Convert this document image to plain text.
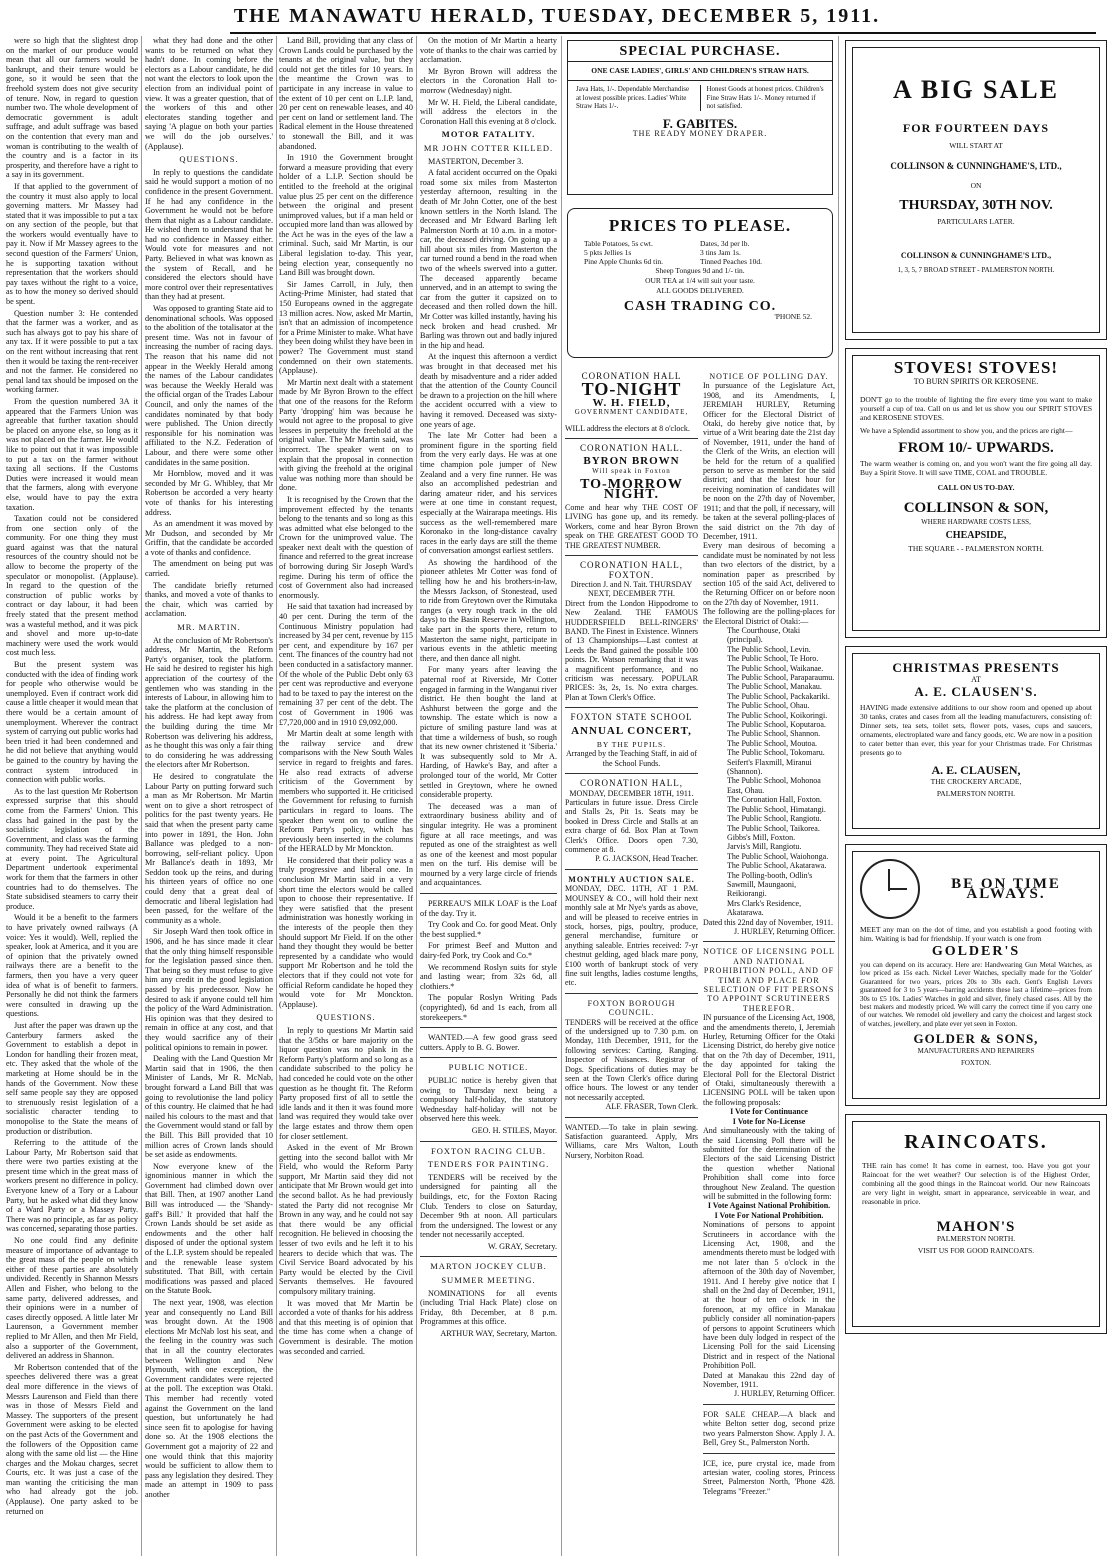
THE MANAWATU HERALD, TUESDAY, DECEMBER 5, 1911.

were so high that the slightest drop on the market of our produce would mean that all our farmers would be bankrupt, and their tenure would be gone, so it would be seen that the freehold system does not give security of tenure. Now, in regard to question number two. The whole development of democratic government is adult suffrage, and adult suffrage was based on the contention that every man and woman is contributing to the wealth of the country and is a factor in its prosperity, and therefore have a right to a say in its government.

If that applied to the government of the country it must also apply to local governing matters. Mr Massey had stated that it was impossible to put a tax on any section of the people, but that the workers would eventually have to pay it. Now if Mr Massey agrees to the second question of the Farmers' Union, he is supporting taxation without representation that the workers should pay taxes without the right to a voice, as to how the money so derived should be spent.

Question number 3: He contended that the farmer was a worker, and as such has always got to pay his share of any tax. If it were possible to put a tax on the rent without increasing that rent then it would be taxing the rent-receiver and not the farmer. He considered no penal land tax should be imposed on the working farmer.

From the question numbered 3A it appeared that the Farmers Union was agreeable that further taxation should be placed on anyone else, so long as it was not placed on the farmer. He would like to point out that it was impossible to put a tax on the farmer without taxing all sections. If the Customs Duties were increased it would mean that the farmers, along with everyone else, would have to pay the extra taxation.

Taxation could not be considered from one section only of the community. For one thing they must guard against was that the natural resources of the country should not be allow to become the property of the speculator or monopolist. (Applause). In regard to the question of the construction of public works by contract or day labour, it had been freely stated that the present method was a wasteful method, and it was pick and shovel and more up-to-date machinery were used the work would cost much less.

But the present system was conducted with the idea of finding work for people who otherwise would be unemployed. Even if contract work did cause a little cheaper it would mean that there would be a certain amount of unemployment. Wherever the contract system of carrying out public works had been tried it had been condemned and he did not believe that anything would be gained to the country by having the contract system introduced in connection with public works.

As to the last question Mr Robertson expressed surprise that this should come from the Farmers' Union. This class had gained in the past by the socialistic legislation of the Government, and class was the farming community. They had received State aid at every point. The Agricultural Department undertook experimental work for them that the farmers in other countries had to do themselves. The State subsidised steamers to carry their produce.

Would it be a benefit to the farmers to have privately owned railways (A voice: Yes it would). Well, replied the speaker, look at America, and it you are of opinion that the privately owned railways there are a benefit to the farmers, then you have a very queer idea of what is of benefit to farmers. Personally he did not think the farmers were consulted in drawing up the questions.

Just after the paper was drawn up the Canterbury farmers asked the Government to establish a depot in London for handling their frozen meat, etc. They asked that the whole of the marketing at Home should be in the hands of the Government. Now these self same people say they are opposed to strenuously resist legislation of a socialistic character tending to monopolise to the State the means of production or distribution.

Referring to the attitude of the Labour Party, Mr Robertson said that there were two parties existing at the present time which in the great mass of workers present no difference in policy. Everyone knew of a Tory or a Labour Party, but he asked what did they know of a Ward Party or a Massey Party. There was no principle, as far as policy was concerned, separating those parties.

No one could find any definite measure of importance of advantage to the great mass of the people on which either of these parties are absolutely undivided. Recently in Shannon Messrs Allen and Fisher, who belong to the same party, delivered addresses, and their opinions were in a number of cases directly opposed. A little later Mr Laurenson, a Government member replied to Mr Allen, and then Mr Field, also a supporter of the Government, delivered an address in Shannon.

Mr Robertson contended that of the speeches delivered there was a great deal more difference in the views of Messrs Laurenson and Field than there was in those of Messrs Field and Massey. The supporters of the present Government were asking to be elected on the past Acts of the Government and the followers of the Opposition came along with the same old list — the Hine charges and the Mokau charges, secret Courts, etc. It was just a case of the man wanting the criticising the man who had already got the job. (Applause). One party asked to be returned on

what they had done and the other wants to be returned on what they hadn't done. In coming before the electors as a Labour candidate, he did not want the electors to look upon the election from an individual point of view. It was a greater question, that of the workers of this and other electorates standing together and saying 'A plague on both your parties we will do the job ourselves.' (Applause).

QUESTIONS.

In reply to questions the candidate said he would support a motion of no confidence in the present Government. If he had any confidence in the Government he would not be before them that night as a Labour candidate. He wished them to understand that he had no confidence in Massey either. Would vote for measures and not Party. Believed in what was known as the system of Recall, and he considered the electors should have more control over their representatives than they had at present.

Was opposed to granting State aid to denominational schools. Was opposed to the abolition of the totalisator at the present time. Was not in favour of increasing the number of racing days. The reason that his name did not appear in the Weekly Herald among the names of the Labour candidates was because the Weekly Herald was the official organ of the Trades Labour Council, and only the names of the candidates nominated by that body were published. The Union directly responsible for his nomination was affiliated to the N.Z. Federation of Labour, and there were some other candidates in the same position.

Mr Hornblow, moved and it was seconded by Mr G. Whibley, that Mr Robertson be accorded a very hearty vote of thanks for his interesting address.

As an amendment it was moved by Mr Dudson, and seconded by Mr Griffin, that the candidate be accorded a vote of thanks and confidence.

The amendment on being put was carried.

The candidate briefly returned thanks, and moved a vote of thanks to the chair, which was carried by acclamation.

MR. MARTIN.

At the conclusion of Mr Robertson's address, Mr Martin, the Reform Party's organiser, took the platform. He said he desired to register his high appreciation of the courtesy of the gentlemen who was standing in the interests of Labour, in allowing him to take the platform at the conclusion of his address. He had kept away from the building during the time Mr Robertson was delivering his address, as he thought this was only a fair thing to do considering he was addressing the electors after Mr Robertson.

He desired to congratulate the Labour Party on putting forward such a man as Mr Robertson. Mr Martin went on to give a short retrospect of politics for the past twenty years. He said that when the present party came into power in 1891, the Hon. John Ballance was pledged to a non-borrowing, self-reliant policy. Upon Mr Ballance's death in 1893, Mr Seddon took up the reins, and during his thirteen years of office no one could deny that a great deal of democratic and liberal legislation had been passed, for the welfare of the community as a whole.

Sir Joseph Ward then took office in 1906, and he has since made it clear that the only thing himself responsible for the legislation passed since then. That being so they must refuse to give him any credit in the good legislation passed by his predecessor. Now he desired to ask if anyone could tell him the policy of the Ward Administration. His opinion was that they desired to remain in office at any cost, and that they would sacrifice any of their political opinions to remain in power.

Dealing with the Land Question Mr Martin said that in 1906, the then Minister of Lands, Mr R. McNab, brought forward a Land Bill that was going to revolutionise the land policy of this country. He claimed that he had nailed his colours to the mast and that the Government would stand or fall by the Bill. This Bill provided that 10 million acres of Crown lands should be set aside as endowments.

Now everyone knew of the ignominious manner in which the Government had climbed down over that Bill. Then, at 1907 another Land Bill was introduced — the 'Shandy-gaff's Bill.' It provided that half the Crown Lands should be set aside as endowments and the other half disposed of under the optional system of the L.I.P. system should be repealed and the renewable lease system substituted. That Bill, with certain modifications was passed and placed on the Statute Book.

The next year, 1908, was election year and consequently no Land Bill was brought down. At the 1908 elections Mr McNab lost his seat, and the feeling in the country was such that in all the country electorates between Wellington and New Plymouth, with one exception, the Government candidates were rejected at the poll. The exception was Otaki. This member had recently voted against the Government on the land question, but unfortunately he had since seen fit to apologise for having done so. At the 1908 elections the Government got a majority of 22 and one would think that this majority would be sufficient to allow them to pass any legislation they desired. They made an attempt in 1909 to pass another

Land Bill, providing that any class of Crown Lands could be purchased by the tenants at the original value, but they could not get the titles for 10 years. In the meantime the Crown was to participate in any increase in value to the extent of 10 per cent on L.I.P. land, 20 per cent on renewable leases, and 40 per cent on land or settlement land. The Radical element in the House threatened to stonewall the Bill, and it was abandoned.

In 1910 the Government brought forward a measure providing that every holder of a L.I.P. Section should be entitled to the freehold at the original value plus 25 per cent on the difference between the original and present unimproved values, but if a man held or occupied more land than was allowed by the Act he was in the eyes of the law a criminal. Such, said Mr Martin, is our Liberal legislation to-day. This year, being election year, consequently no Land Bill was brought down.

Sir James Carroll, in July, then Acting-Prime Minister, had stated that 150 Europeans owned in the aggregate 13 million acres. Now, asked Mr Martin, isn't that an admission of incompetence for a Prime Minister to make. What have they been doing whilst they have been in power? The Government must stand condemned on their own statements. (Applause).

Mr Martin next dealt with a statement made by Mr Byron Brown to the effect that one of the reasons for the Reform Party 'dropping' him was because he would not agree to the proposal to give lessees in perpetuity the freehold at the original value. The Mr Martin said, was incorrect. The speaker went on to explain that the proposal in connection with giving the freehold at the original value was nothing more than should be done.

It is recognised by the Crown that the improvement effected by the tenants belong to the tenants and so long as this was admitted what else belonged to the Crown for the unimproved value. The speaker next dealt with the question of finance and referred to the great increase of borrowing during Sir Joseph Ward's regime. During his term of office the cost of Government also had increased enormously.

He said that taxation had increased by 40 per cent. During the term of the Continuous Ministry population had increased by 34 per cent, revenue by 115 per cent, and expenditure by 167 per cent. The finances of the country had not been conducted in a satisfactory manner. Of the whole of the Public Debt only 63 per cent was reproductive and everyone had to be taxed to pay the interest on the remaining 37 per cent of the debt. The cost of Government in 1906 was £7,720,000 and in 1910 £9,092,000.

Mr Martin dealt at some length with the railway service and drew comparisons with the New South Wales service in regard to freights and fares. He also read extracts of adverse criticism of the Government by members who supported it. He criticised the Government for refusing to furnish particulars in regard to loans. The speaker then went on to outline the Reform Party's policy, which has previously been inserted in the columns of the HERALD by Mr Monckton.

He considered that their policy was a truly progressive and liberal one. In conclusion Mr Martin said in a very short time the electors would be called upon to choose their representative. If they were satisfied that the present administration was honestly working in the interests of the people then they should support Mr Field. If on the other hand they thought they would be better represented by a candidate who would support Mr Robertson and he told the electors that if they could not vote for official Reform candidate he hoped they would vote for Mr Monckton. (Applause).

QUESTIONS.

In reply to questions Mr Martin said that the 3/5ths or bare majority on the liquor question was no plank in the Reform Party's platform and so long as a candidate subscribed to the policy he had conceded he could vote on the other question as he thought fit. The Reform Party proposed first of all to settle the idle lands and it then it was found more land was required they would take over the large estates and throw them open for closer settlement.

Asked in the event of Mr Brown getting into the second ballot with Mr Field, who would the Reform Party support, Mr Martin said they did not anticipate that Mr Brown would get into the second ballot. As he had previously stated the Party did not recognise Mr Brown in any way, and he could not say that there would be any official recognition. He believed in choosing the lesser of two evils and he left it to his hearers to decide which that was. The Civil Service Board advocated by his Party would be elected by the Civil Servants themselves. He favoured compulsory military training.

It was moved that Mr Martin be accorded a vote of thanks for his address and that this meeting is of opinion that the time has come when a change of Government is desirable. The motion was seconded and carried.

On the motion of Mr Martin a hearty vote of thanks to the chair was carried by acclamation.

Mr Byron Brown will address the electors in the Coronation Hall to-morrow (Wednesday) night.

Mr W. H. Field, the Liberal candidate, will address the electors in the Coronation Hall this evening at 8 o'clock.

MOTOR FATALITY.
MR JOHN COTTER KILLED.

MASTERTON, December 3.

A fatal accident occurred on the Opaki road some six miles from Masterton yesterday afternoon, resulting in the death of Mr John Cotter, one of the best known settlers in the North Island. The deceased and Mr Edward Barling left Palmerston North at 10 a.m. in a motor-car, the deceased driving. On going up a hill about six miles from Masterton the car turned round a bend in the road when two of the wheels swerved into a gutter. The deceased apparently became unnerved, and in an attempt to swing the car from the gutter it capsized on to deceased and then rolled down the hill. Mr Cotter was killed instantly, having his neck broken and head crushed. Mr Barling was thrown out and badly injured in the hip and head.

At the inquest this afternoon a verdict was brought in that deceased met his death by misadventure and a rider added that the attention of the County Council be drawn to a projection on the hill where the accident occurred with a view to having it removed. Deceased was sixty-one years of age.

The late Mr Cotter had been a prominent figure in the sporting field from the very early days. He was at one time champion pole jumper of New Zealand and a very fine runner. He was also an accomplished pedestrian and daring amateur rider, and his services were at one time in constant request, especially at the Wairarapa meetings. His success as the well-remembered mare Koronako in the long-distance cavalry races in the early days are still the theme of conversation amongst earliest settlers.

As showing the hardihood of the pioneer athletes Mr Cotter was fond of telling how he and his brothers-in-law, the Messrs Jackson, of Stonestead, used to ride from Greytown over the Rimutaka ranges (a very rough track in the old days) to the Basin Reserve in Wellington, take part in the sports there, return to Masterton the same night, participate in various events in the athletic meeting there, and then dance all night.

For many years after leaving the paternal roof at Riverside, Mr Cotter engaged in farming in the Wanganui river district. He then bought the land at Ashhurst between the gorge and the township. The estate which is now a picture of smiling pasture land was at that time a wilderness of bush, so rough that its new owner christened it 'Siberia.' It was subsequently sold to Mr A. Harding, of Hawke's Bay, and after a prolonged tour of the world, Mr Cotter settled in Greytown, where he owned considerable property.

The deceased was a man of extraordinary business ability and of singular integrity. He was a prominent figure at all race meetings, and was reputed as one of the straightest as well as one of the keenest and most popular men on the turf. His demise will be mourned by a very large circle of friends and acquaintances.

PERREAU'S MILK LOAF is the Loaf of the day. Try it.

Try Cook and Co. for good Meat. Only the best supplied.*

For primest Beef and Mutton and dairy-fed Pork, try Cook and Co.*

We recommend Roslyn suits for style and lasting wear; from 32s 6d, all clothiers.*

The popular Roslyn Writing Pads (copyrighted), 6d and 1s each, from all storekeepers.*

WANTED.—A few good grass seed cutters. Apply to B. G. Bower.

PUBLIC NOTICE.

PUBLIC notice is hereby given that owing to Thursday next being a compulsory half-holiday, the statutory Wednesday half-holiday will not be observed here this week.

GEO. H. STILES, Mayor.

FOXTON RACING CLUB.
TENDERS FOR PAINTING.

TENDERS will be received by the undersigned for painting all the buildings, etc, for the Foxton Racing Club. Tenders to close on Saturday, December 9th at noon. All particulars from the undersigned. The lowest or any tender not necessarily accepted.

W. GRAY, Secretary.

MARTON JOCKEY CLUB.
SUMMER MEETING.

NOMINATIONS for all events (including Trial Hack Plate) close on Friday, 8th December, at 8 p.m. Programmes at this office.

ARTHUR WAY, Secretary, Marton.

SPECIAL PURCHASE.
ONE CASE LADIES', GIRLS' AND CHILDREN'S STRAW HATS.
Java Hats, 1/-. Dependable Merchandise at lowest possible prices. Ladies' White Straw Hats 1/-.
Honest Goods at honest prices. Children's Fine Straw Hats 1/-. Money returned if not satisfied.
F. GABITES.
THE READY MONEY DRAPER.
PRICES TO PLEASE.
Table Potatoes, 5s cwt.
5 pkts Jellies 1s
Pine Apple Chunks 6d tin.
Dates, 3d per lb.
3 tins Jam 1s.
Tinned Peaches 10d.
Sheep Tongues 9d and 1/- tin.
OUR TEA at 1/4 will suit your taste.
ALL GOODS DELIVERED.
CASH TRADING CO.
'PHONE 52.
CORONATION HALL
TO-NIGHT
W. H. FIELD,
GOVERNMENT CANDIDATE,
WILL address the electors at 8 o'clock.
CORONATION HALL.
BYRON BROWN
Will speak in Foxton
TO-MORROW NIGHT.
Come and hear why THE COST OF LIVING has gone up, and its remedy. Workers, come and hear Byron Brown speak on THE GREATEST GOOD TO THE GREATEST NUMBER.
CORONATION HALL, FOXTON.
Direction J. and N. Tait. THURSDAY NEXT, DECEMBER 7TH.
Direct from the London Hippodrome to New Zealand. THE FAMOUS HUDDERSFIELD BELL-RINGERS' BAND. The Finest in Existence. Winners of 13 Championships—Last contest at Leeds the Band gained the possible 100 points. Dr. Watson remarking that it was a magnificent performance, and no criticism was necessary. POPULAR PRICES: 3s, 2s, 1s. No extra charges. Plan at Town Clerk's Office.
FOXTON STATE SCHOOL
ANNUAL CONCERT,
BY THE PUPILS.
Arranged by the Teaching Staff, in aid of the School Funds.
CORONATION HALL,
MONDAY, DECEMBER 18TH, 1911.
Particulars in future issue. Dress Circle and Stalls 2s, Pit 1s. Seats may be booked in Dress Circle and Stalls at an extra charge of 6d. Box Plan at Town Clerk's Office. Doors open 7.30, commence at 8.
P. G. JACKSON, Head Teacher.
MONTHLY AUCTION SALE.
MONDAY, DEC. 11TH, AT 1 P.M. MOUNSEY & CO., will hold their next monthly sale at Mr Nye's yards as above, and will be pleased to receive entries in stock, horses, pigs, poultry, produce, general merchandise, furniture or anything saleable. Entries received: 7-yr chestnut gelding, aged black mare pony, £100 worth of bankrupt stock of very fine suit lengths, ladies costume lengths, etc.
FOXTON BOROUGH COUNCIL.
TENDERS will be received at the office of the undersigned up to 7.30 p.m. on Monday, 11th December, 1911, for the following services: Carting. Ranging. Inspector of Nuisances. Registrar of Dogs. Specifications of duties may be seen at the Town Clerk's office during office hours. The lowest or any tender not necessarily accepted.
ALF. FRASER, Town Clerk.
WANTED.—To take in plain sewing. Satisfaction guaranteed. Apply, Mrs Williams, care Mrs Walton, Louth Nursery, Norbiton Road.
NOTICE OF POLLING DAY.
In pursuance of the Legislature Act, 1908, and its Amendments, I, JEREMIAH HURLEY, Returning Officer for the Electoral District of Otaki, do hereby give notice that, by virtue of a Writ bearing date the 21st day of November, 1911, under the hand of the Clerk of the Writs, an election will be held for the return of a qualified person to serve as member for the said district; and that the latest hour for receiving nomination of candidates will be noon on the 27th day of November, 1911; and that the poll, if necessary, will be taken at the several polling-places of the said district on the 7th day of December, 1911.
Every man desirous of becoming a candidate must be nominated by not less than two electors of the district, by a nomination paper as prescribed by section 105 of the said Act, delivered to the Returning Officer on or before noon on the 27th day of November, 1911.
The following are the polling-places for the Electoral District of Otaki:—
The Courthouse, Otaki (principal).
The Public School, Levin.
The Public School, Te Horo.
The Public School, Waikanae.
The Public School, Paraparaumu.
The Public School, Manakau.
The Public School, Packakariki.
The Public School, Ohau.
The Public School, Koikoringi.
The Public School, Koputaroa.
The Public School, Shannon.
The Public School, Moutoa.
The Public School, Tokomaru.
Seifert's Flaxmill, Miranui (Shannon).
The Public School, Mohonoa East, Ohau.
The Coronation Hall, Foxton.
The Public School, Himatangi.
The Public School, Rangiotu.
The Public School, Taikorea.
Gibbs's Mill, Foxton.
Jarvis's Mill, Rangiotu.
The Public School, Waiohonga.
The Public School, Akatarawa.
The Polling-booth, Odlin's Sawmill, Maungaoni, Reikiorangi.
Mrs Clark's Residence, Akatarawa.
Dated this 22nd day of November, 1911.
J. HURLEY, Returning Officer.
NOTICE OF LICENSING POLL AND NATIONAL PROHIBITION POLL, AND OF TIME AND PLACE FOR SELECTION OF FIT PERSONS TO APPOINT SCRUTINEERS THEREFOR.
IN pursuance of the Licensing Act, 1908, and the amendments thereto, I, Jeremiah Hurley, Returning Officer for the Otaki Licensing District, do hereby give notice that on the 7th day of December, 1911, the day appointed for taking the Electoral Poll for the Electoral District of Otaki, simultaneously therewith a LICENSING POLL will be taken upon the following proposals:
I Vote for Continuance
I Vote for No-License
And simultaneously with the taking of the said Licensing Poll there will be submitted for the determination of the Electors of the said Licensing District the question whether National Prohibition shall come into force throughout New Zealand. The question will be submitted in the following form:
I Vote Against National Prohibition.
I Vote For National Prohibition.
Nominations of persons to appoint Scrutineers in accordance with the Licensing Act, 1908, and the amendments thereto must be lodged with me not later than 5 o'clock in the afternoon of the 30th day of November, 1911. And I hereby give notice that I shall on the 2nd day of December, 1911, at the hour of ten o'clock in the forenoon, at my office in Manakau publicly consider all nomination-papers of persons to appoint Scrutineers which have been duly lodged in respect of the Licensing Poll for the said Licensing District and in respect of the National Prohibition Poll.
Dated at Manakau this 22nd day of November, 1911.
J. HURLEY, Returning Officer.
FOR SALE CHEAP.—A black and white Belton setter dog, second prize two years Palmerston Show. Apply J. A. Bell, Grey St., Palmerston North.
ICE, ice, pure crystal ice, made from artesian water, cooling stores, Princess Street, Palmerston North, 'Phone 428. Telegrams "Freezer."
A BIG SALE
FOR FOURTEEN DAYS
WILL START AT
COLLINSON & CUNNINGHAME'S, LTD.,
ON
THURSDAY, 30TH NOV.
PARTICULARS LATER.
COLLINSON & CUNNINGHAME'S LTD.,
1, 3, 5, 7 BROAD STREET - PALMERSTON NORTH.
STOVES! STOVES!
TO BURN SPIRITS OR KEROSENE.
DON'T go to the trouble of lighting the fire every time you want to make yourself a cup of tea. Call on us and let us show you our SPIRIT STOVES and KEROSENE STOVES.
We have a Splendid assortment to show you, and the prices are right—
FROM 10/- UPWARDS.
The warm weather is coming on, and you won't want the fire going all day. Buy a Spirit Stove. It will save TIME, COAL and TROUBLE.
CALL ON US TO-DAY.
COLLINSON & SON,
WHERE HARDWARE COSTS LESS,
CHEAPSIDE,
THE SQUARE - - PALMERSTON NORTH.
CHRISTMAS PRESENTS
AT
A. E. CLAUSEN'S.
HAVING made extensive additions to our show room and opened up about 30 tanks, crates and cases from all the leading manufacturers, consisting of: Dinner sets, tea sets, toilet sets, flower pots, vases, cups and saucers, ornaments, electroplated ware and fancy goods, etc. We are now in a position to cater better than ever, this year for your Christmas trade. For Christmas presents go to
A. E. CLAUSEN,
THE CROCKERY ARCADE,
PALMERSTON NORTH.
BE ON TIME ALWAYS.
MEET any man on the dot of time, and you establish a good footing with him. Waiting is bad for friendship. If your watch is one from
GOLDER'S
you can depend on its accuracy. Here are: Handwearing Gun Metal Watches, as low priced as 15s each. Nickel Lever Watches, specially made for the 'Golder' Guaranteed for two years, prices 20s to 30s each. Gent's English Levers guaranteed for 3 to 5 years—barring accidents these last a lifetime—prices from 30s to £5 10s. Ladies' Watches in gold and silver, finely chased cases. All by the best makers and modestly priced. We will carry the correct time if you carry one of our watches. We remodel old jewellery and carry the choicest and largest stock of watches, jewellery, and plate ever yet seen in Foxton.
GOLDER & SONS,
MANUFACTURERS AND REPAIRERS
FOXTON.
RAINCOATS.
THE rain has come! It has come in earnest, too. Have you got your Raincoat for the wet weather? Our selection is of the Highest Order, combining all the good things in the Raincoat world. Our new Raincoats are very light in weight, smart in appearance, serviceable in wear, and reasonable in price.
MAHON'S
PALMERSTON NORTH.
VISIT US FOR GOOD RAINCOATS.
